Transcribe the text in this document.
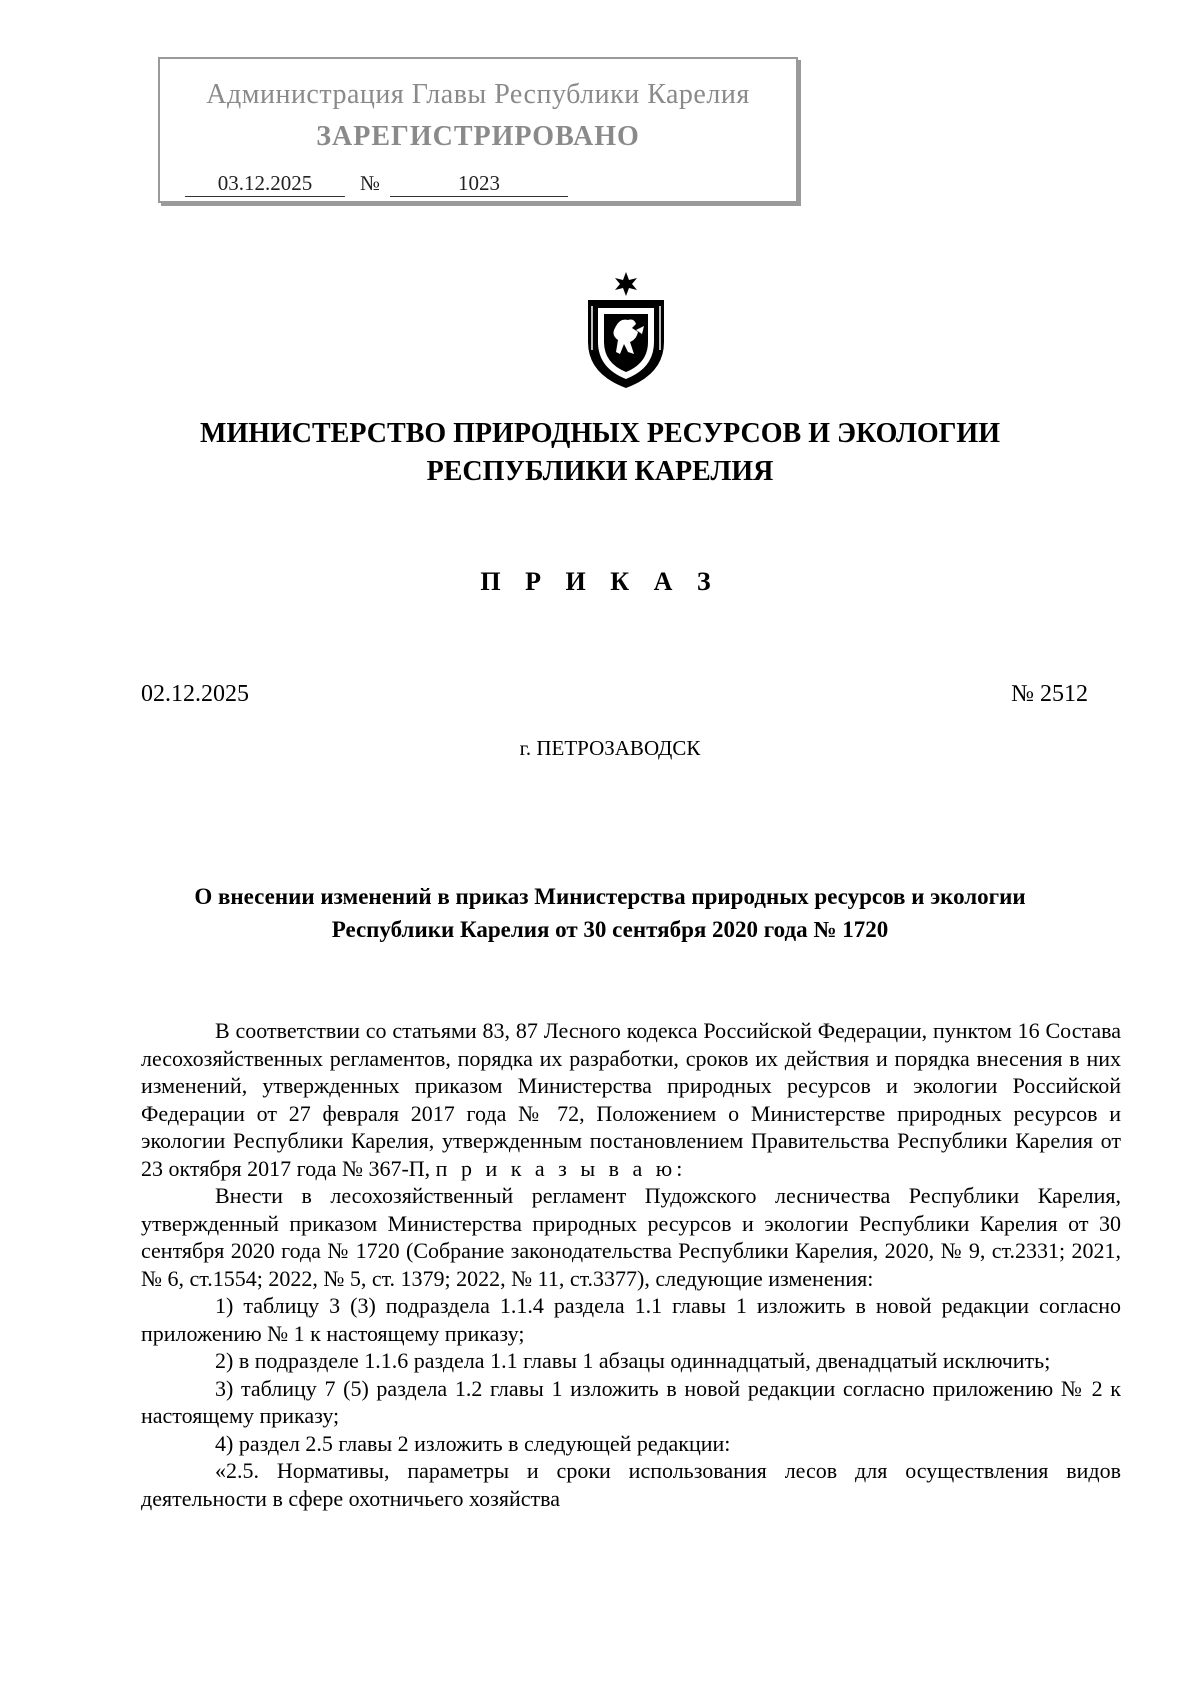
Администрация Главы Республики Карелия
ЗАРЕГИСТРИРОВАНО
03.12.2025	№	1023
МИНИСТЕРСТВО ПРИРОДНЫХ РЕСУРСОВ И ЭКОЛОГИИ
РЕСПУБЛИКИ КАРЕЛИЯ
П Р И К А З
02.12.2025	№ 2512
г. ПЕТРОЗАВОДСК
О внесении изменений в приказ Министерства природных ресурсов и экологии
Республики Карелия от 30 сентября 2020 года № 1720

В соответствии со статьями 83, 87 Лесного кодекса Российской Федерации, пунктом 16 Состава лесохозяйственных регламентов, порядка их разработки, сроков их действия и порядка внесения в них изменений, утвержденных приказом Министерства природных ресурсов и экологии Российской Федерации от 27 февраля 2017 года № 72, Положением о Министерстве природных ресурсов и экологии Республики Карелия, утвержденным постановлением Правительства Республики Карелия от 23 октября 2017 года № 367-П, п р и к а з ы в а ю:

Внести в лесохозяйственный регламент Пудожского лесничества Республики Карелия, утвержденный приказом Министерства природных ресурсов и экологии Республики Карелия от 30 сентября 2020 года № 1720 (Собрание законодательства Республики Карелия, 2020, № 9, ст.2331; 2021, № 6, ст.1554; 2022, № 5, ст. 1379; 2022, № 11, ст.3377), следующие изменения:

1) таблицу 3 (3) подраздела 1.1.4 раздела 1.1 главы 1 изложить в новой редакции согласно приложению № 1 к настоящему приказу;

2) в подразделе 1.1.6 раздела 1.1 главы 1 абзацы одиннадцатый, двенадцатый исключить;

3) таблицу 7 (5) раздела 1.2 главы 1 изложить в новой редакции согласно приложению № 2 к настоящему приказу;

4) раздел 2.5 главы 2 изложить в следующей редакции:

«2.5. Нормативы, параметры и сроки использования лесов для осуществления видов деятельности в сфере охотничьего хозяйства
